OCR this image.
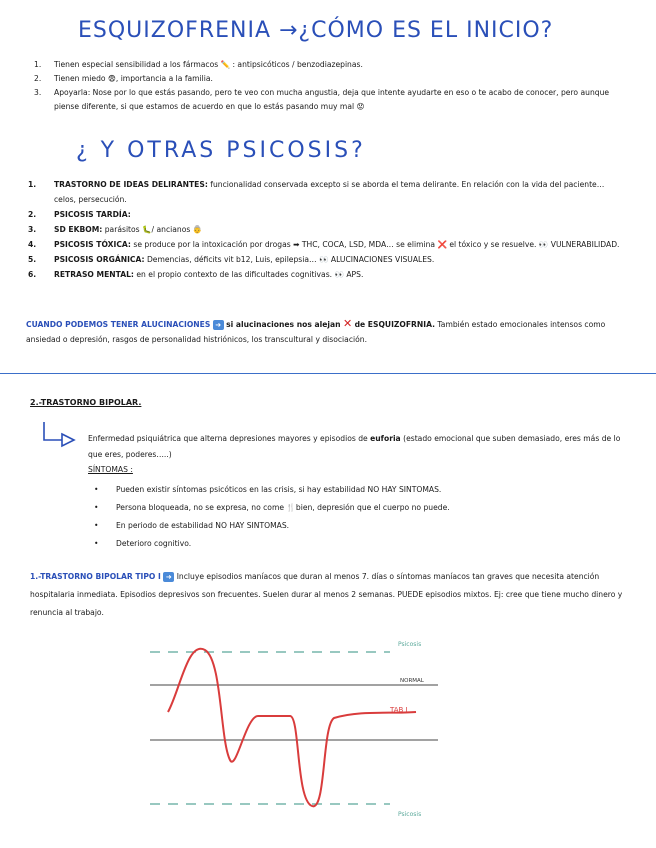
ESQUIZOFRENIA →¿CÓMO ES EL INICIO?
1. Tienen especial sensibilidad a los fármacos ✏️ : antipsicóticos / benzodiazepinas.
2. Tienen miedo 😨, importancia a la familia.
3. Apoyarla: Nose por lo que estás pasando, pero te veo con mucha angustia, deja que intente ayudarte en eso o te acabo de conocer, pero aunque piense diferente, si que estamos de acuerdo en que lo estás pasando muy mal 😟
¿ Y OTRAS PSICOSIS?
1. TRASTORNO DE IDEAS DELIRANTES: funcionalidad conservada excepto si se aborda el tema delirante. En relación con la vida del paciente… celos, persecución.
2. PSICOSIS TARDÍA:
3. SD EKBOM: parásitos 🐛/ ancianos 👵
4. PSICOSIS TÓXICA: se produce por la intoxicación por drogas ➡ THC, COCA, LSD, MDA… se elimina ❌ el tóxico y se resuelve. 👀 VULNERABILIDAD.
5. PSICOSIS ORGÁNICA: Demencias, déficits vit b12, Luis, epilepsia… 👀 ALUCINACIONES VISUALES.
6. RETRASO MENTAL: en el propio contexto de las dificultades cognitivas. 👀 APS.
CUANDO PODEMOS TENER ALUCINACIONES ➜ si alucinaciones nos alejan ✕ de ESQUIZOFRNIA. También estado emocionales intensos como ansiedad o depresión, rasgos de personalidad histriónicos, los transcultural y disociación.
2.-TRASTORNO BIPOLAR.
Enfermedad psiquiátrica que alterna depresiones mayores y episodios de euforia (estado emocional que suben demasiado, eres más de lo que eres, poderes…..)
SÍNTOMAS :
• Pueden existir síntomas psicóticos en las crisis, si hay estabilidad NO HAY SINTOMAS.
• Persona bloqueada, no se expresa, no come 🍴bien, depresión que el cuerpo no puede.
• En periodo de estabilidad NO HAY SINTOMAS.
• Deterioro cognitivo.
1.-TRASTORNO BIPOLAR TIPO I ➜ Incluye episodios maníacos que duran al menos 7. días o síntomas maníacos tan graves que necesita atención hospitalaria inmediata. Episodios depresivos son frecuentes. Suelen durar al menos 2 semanas. PUEDE episodios mixtos. Ej: cree que tiene mucho dinero y renuncia al trabajo.
Psicosis
NORMAL
TAB I
Psicosis
